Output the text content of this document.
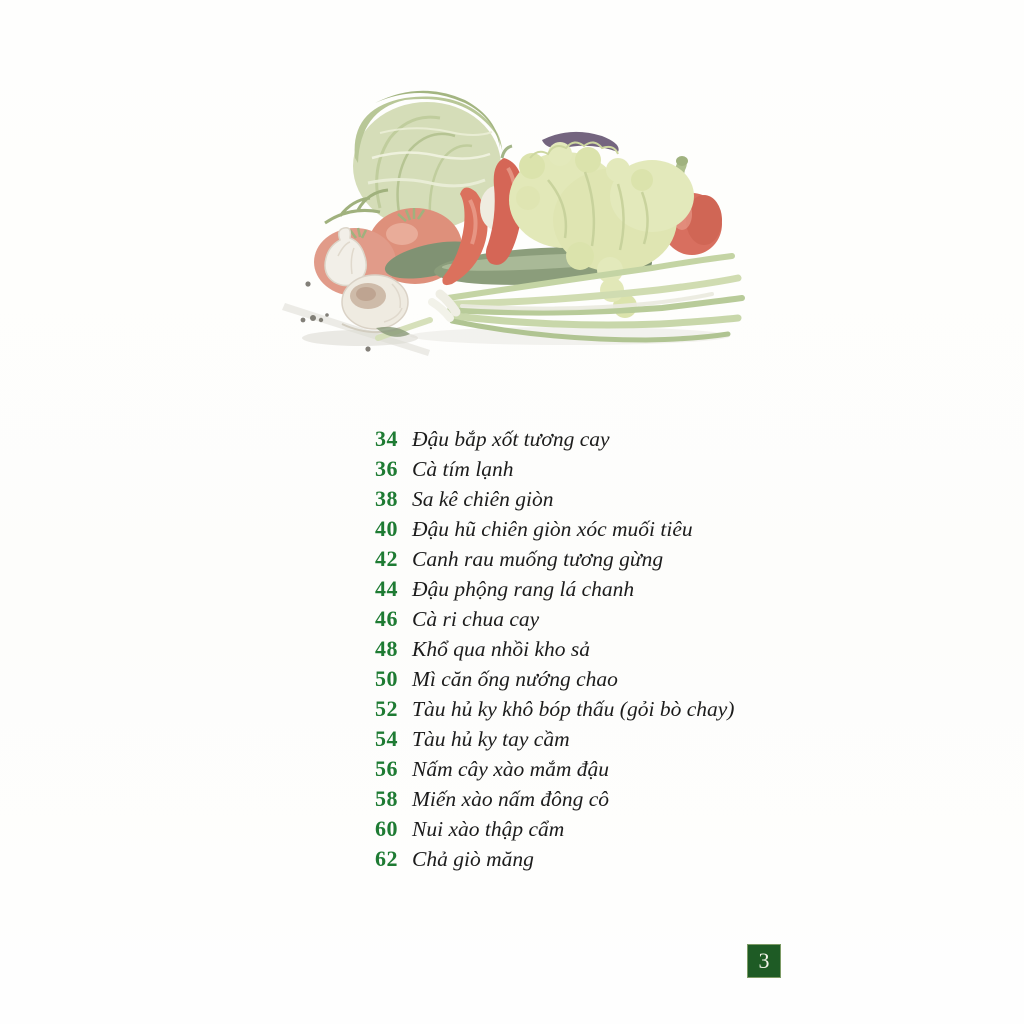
34 Đậu bắp xốt tương cay
36 Cà tím lạnh
38 Sa kê chiên giòn
40 Đậu hũ chiên giòn xóc muối tiêu
42 Canh rau muống tương gừng
44 Đậu phộng rang lá chanh
46 Cà ri chua cay
48 Khổ qua nhồi kho sả
50 Mì căn ống nướng chao
52 Tàu hủ ky khô bóp thấu (gỏi bò chay)
54 Tàu hủ ky tay cầm
56 Nấm cây xào mắm đậu
58 Miến xào nấm đông cô
60 Nui xào thập cẩm
62 Chả giò măng
3
